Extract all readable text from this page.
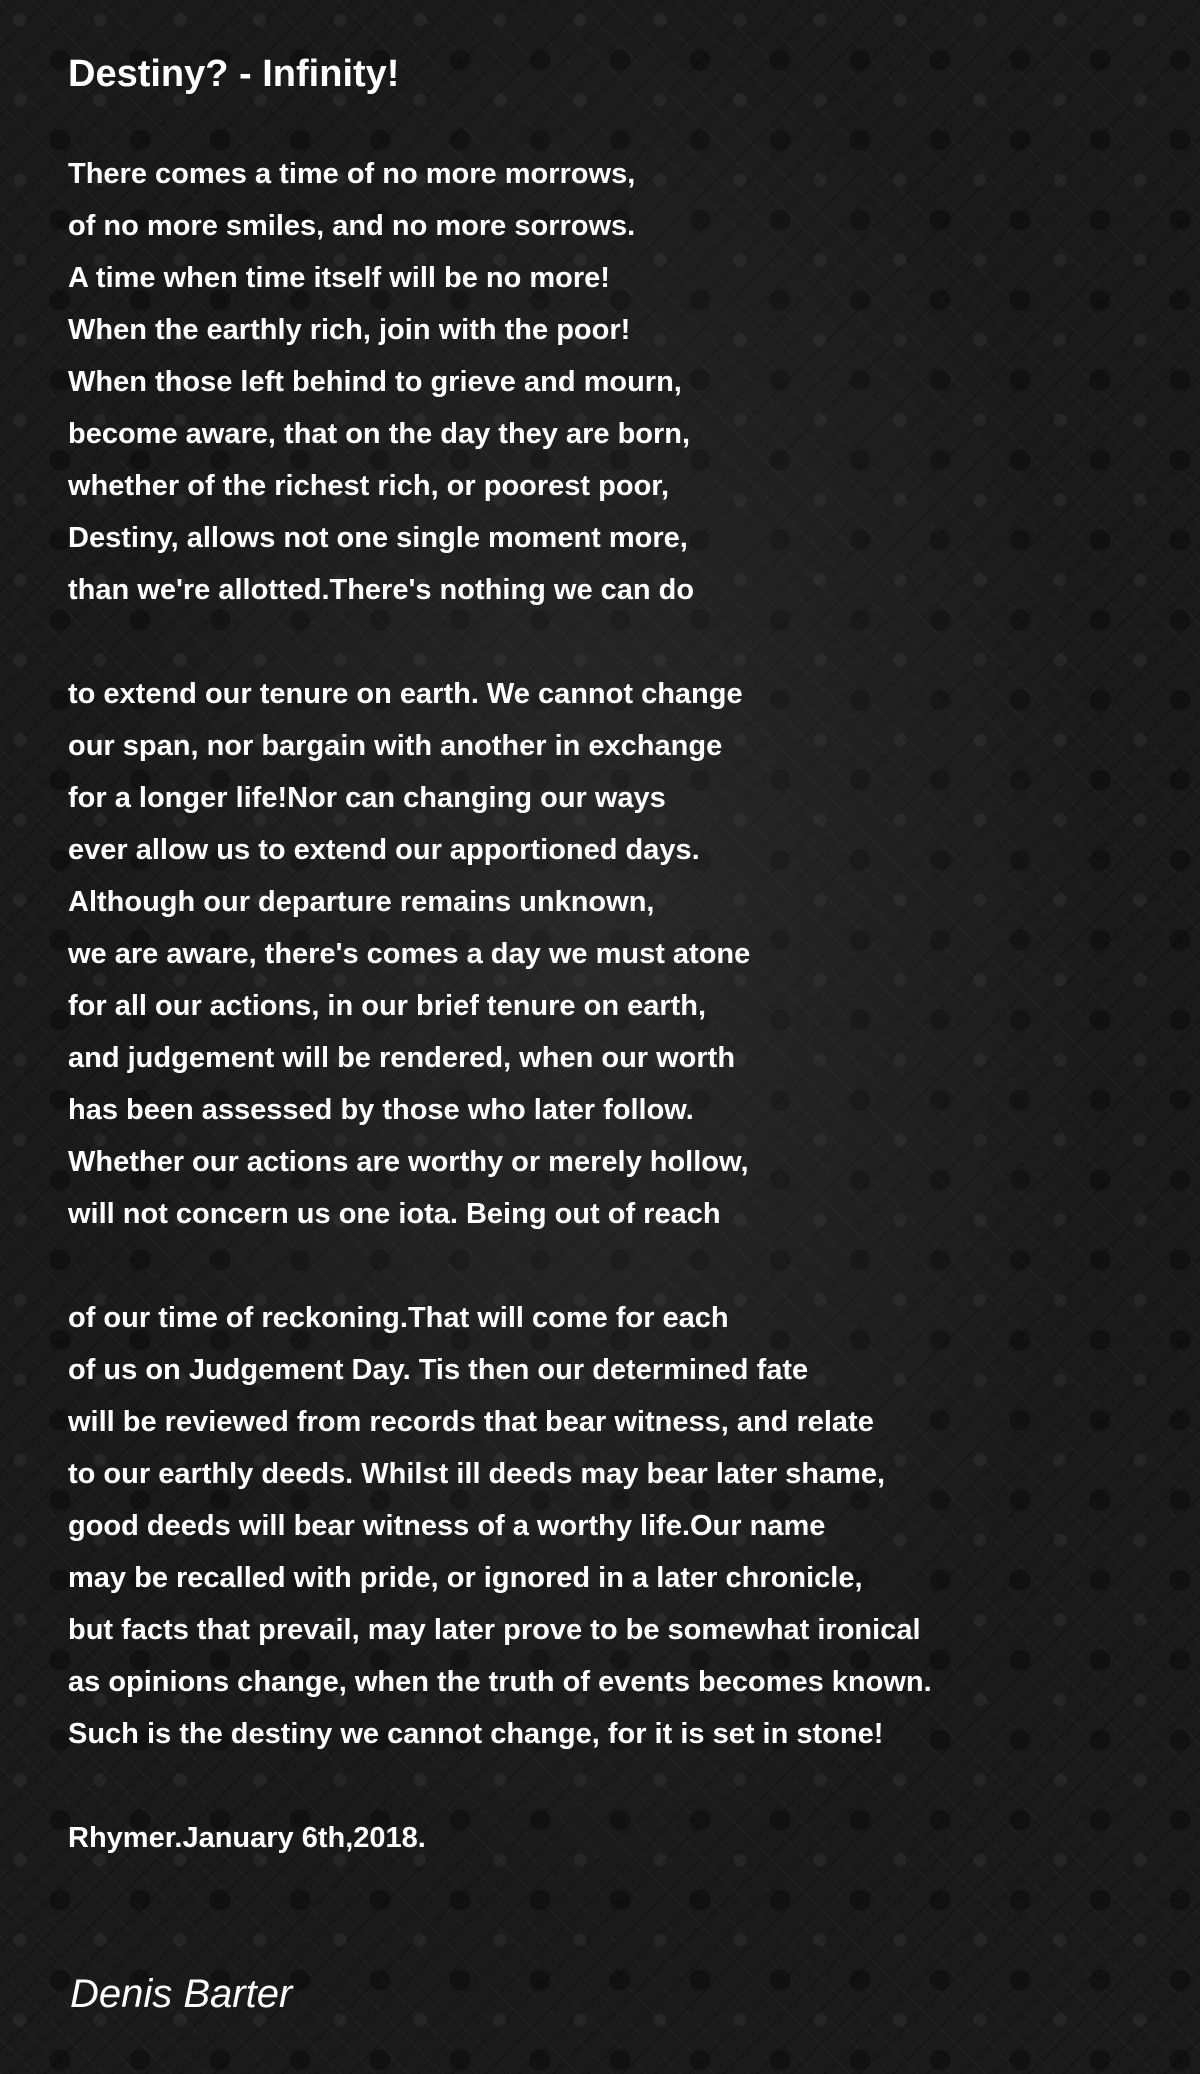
Destiny? - Infinity!
There comes a time of no more morrows,
of no more smiles, and no more sorrows.
A time when time itself will be no more!
When the earthly rich, join with the poor!
When those left behind to grieve and mourn,
become aware, that on the day they are born,
whether of the richest rich, or poorest poor,
Destiny, allows not one single moment more,
than we're allotted.There's nothing we can do
to extend our tenure on earth. We cannot change
our span, nor bargain with another in exchange
for a longer life!Nor can changing our ways
ever allow us to extend our apportioned days.
Although our departure remains unknown,
we are aware, there's comes a day we must atone
for all our actions, in our brief tenure on earth,
and judgement will be rendered, when our worth
has been assessed by those who later follow.
Whether our actions are worthy or merely hollow,
will not concern us one iota. Being out of reach
of our time of reckoning.That will come for each
of us on Judgement Day. Tis then our determined fate
will be reviewed from records that bear witness, and relate
to our earthly deeds. Whilst ill deeds may bear later shame,
good deeds will bear witness of a worthy life.Our name
may be recalled with pride, or ignored in a later chronicle,
but facts that prevail, may later prove to be somewhat ironical
as opinions change, when the truth of events becomes known.
Such is the destiny we cannot change, for it is set in stone!
Rhymer.January 6th,2018.
Denis Barter
